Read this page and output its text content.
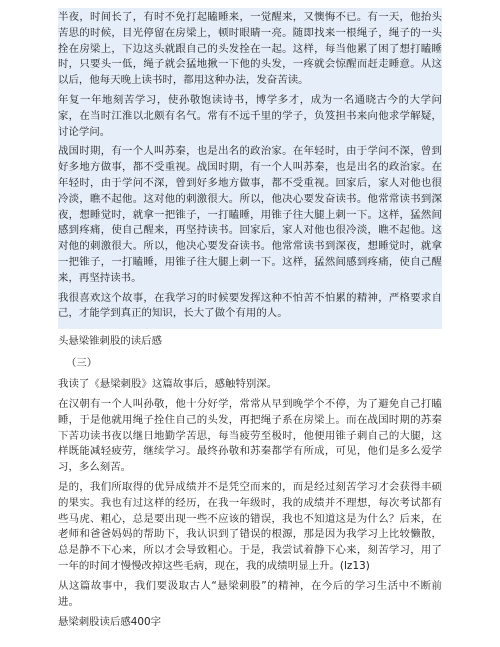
半夜，时间长了，有时不免打起瞌睡来，一觉醒来，又懊悔不已。有一天，他抬头苦思的时候，目光停留在房梁上，顿时眼睛一亮。随即找来一根绳子，绳子的一头拴在房梁上，下边这头就跟自己的头发拴在一起。这样，每当他累了困了想打瞌睡时，只要头一低，绳子就会猛地揪一下他的头发，一疼就会惊醒而赶走睡意。从这以后，他每天晚上读书时，都用这种办法，发奋苦读。

年复一年地刻苦学习，使孙敬饱读诗书，博学多才，成为一名通晓古今的大学问家，在当时江淮以北颇有名气。常有不远千里的学子，负笈担书来向他求学解疑，讨论学问。

战国时期，有一个人叫苏秦，也是出名的政治家。在年轻时，由于学问不深，曾到好多地方做事，都不受重视。战国时期，有一个人叫苏秦，也是出名的政治家。在年轻时，由于学问不深，曾到好多地方做事，都不受重视。回家后，家人对他也很冷淡，瞧不起他。这对他的刺激很大。所以，他决心要发奋读书。他常常读书到深夜，想睡觉时，就拿一把锥子，一打瞌睡，用锥子往大腿上刺一下。这样，猛然间感到疼痛，使自己醒来，再坚持读书。回家后，家人对他也很冷淡，瞧不起他。这对他的刺激很大。所以，他决心要发奋读书。他常常读书到深夜，想睡觉时，就拿一把锥子，一打瞌睡，用锥子往大腿上刺一下。这样，猛然间感到疼痛，使自己醒来，再坚持读书。

我很喜欢这个故事，在我学习的时候要发挥这种不怕苦不怕累的精神，严格要求自己，才能学到真正的知识，长大了做个有用的人。

头悬梁锥刺股的读后感
（三）

我读了《悬梁刺股》这篇故事后，感触特别深。

在汉朝有一个人叫孙敬，他十分好学，常常从早到晚学个不停，为了避免自己打瞌睡，于是他就用绳子拴住自己的头发，再把绳子系在房梁上。而在战国时期的苏秦下苦功读书夜以继日地勤学苦思，每当疲劳至极时，他便用锥子刺自己的大腿，这样既能减轻疲劳，继续学习。最终孙敬和苏秦都学有所成，可见，他们是多么爱学习，多么刻苦。

是的，我们所取得的优异成绩并不是凭空而来的，而是经过刻苦学习才会获得丰硕的果实。我也有过这样的经历，在我一年级时，我的成绩并不理想，每次考试都有些马虎、粗心，总是要出现一些不应该的错误，我也不知道这是为什么？后来，在老师和爸爸妈妈的帮助下，我认识到了错误的根源，那是因为我学习上比较懒散，总是静不下心来，所以才会导致粗心。于是，我尝试着静下心来，刻苦学习，用了一年的时间才慢慢改掉这些毛病，现在，我的成绩明显上升。(lz13)

从这篇故事中，我们要汲取古人“悬梁刺股”的精神，在今后的学习生活中不断前进。

悬梁刺股读后感400字
